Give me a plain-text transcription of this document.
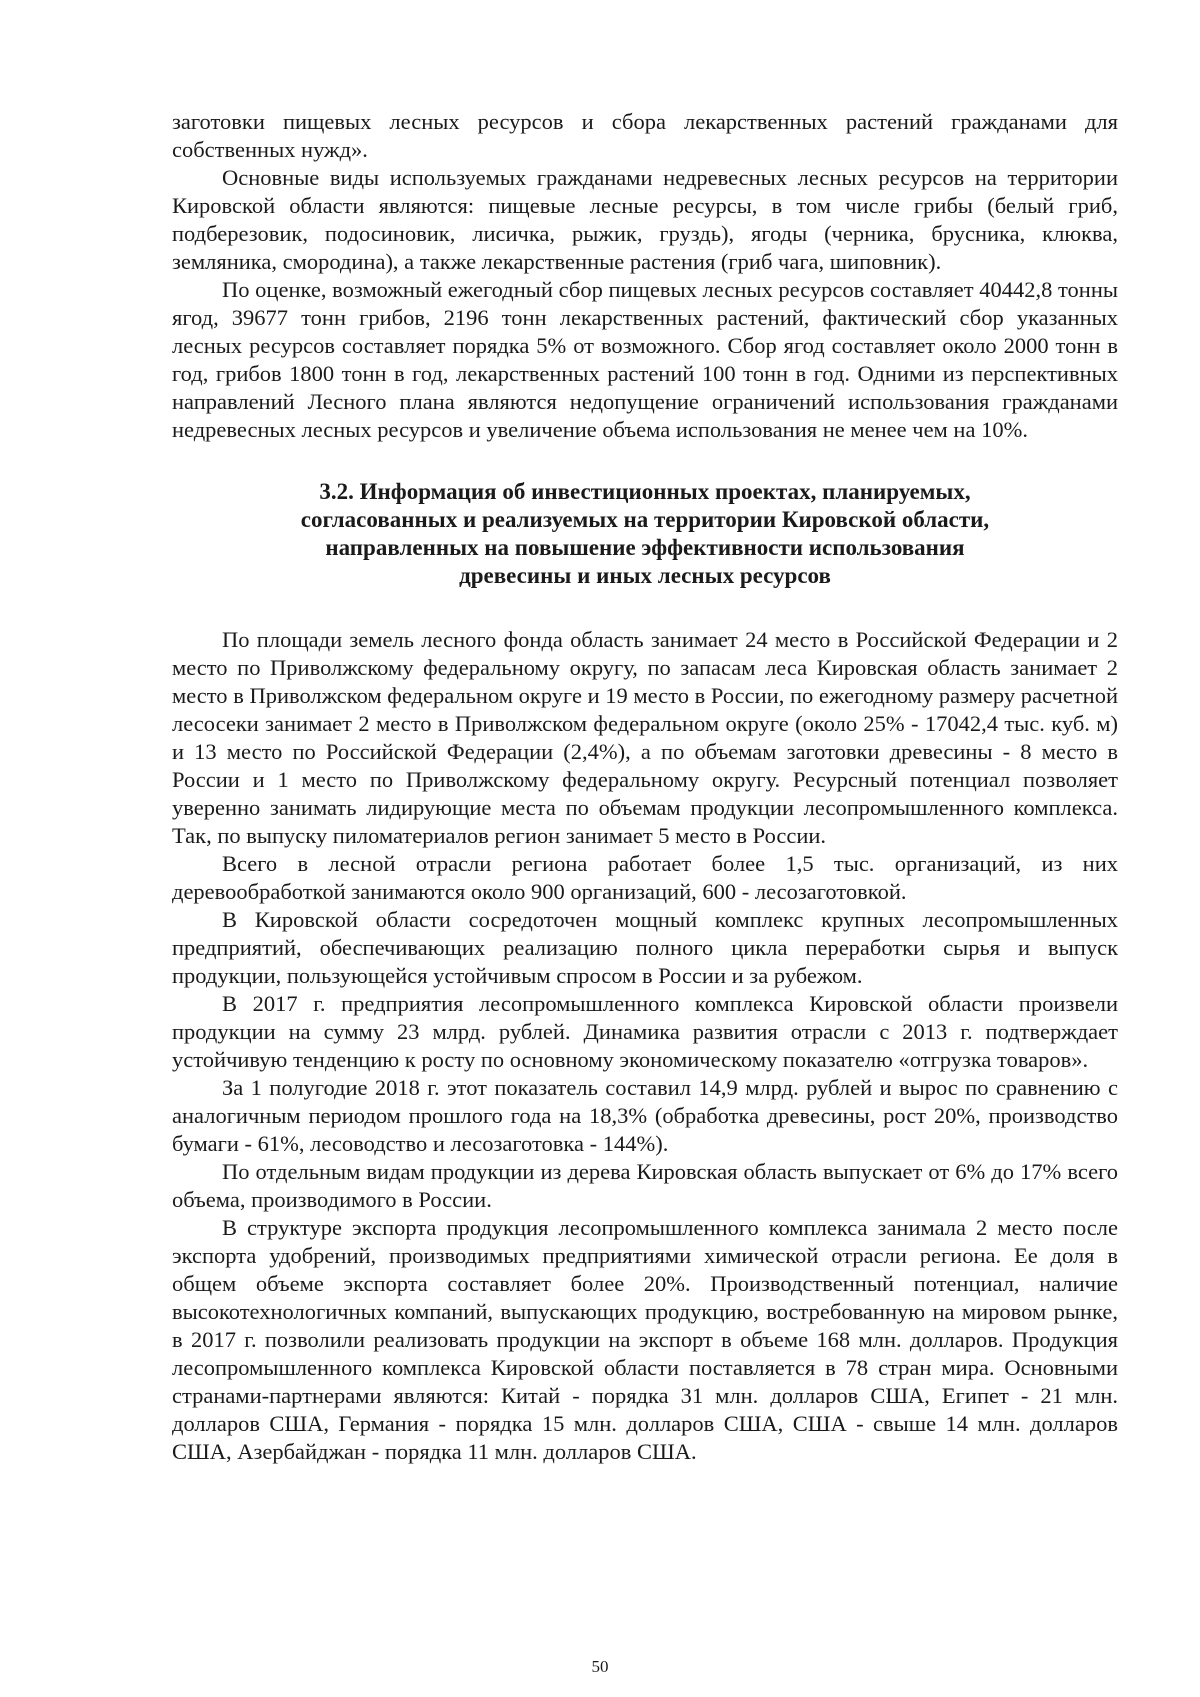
заготовки пищевых лесных ресурсов и сбора лекарственных растений гражданами для собственных нужд».

Основные виды используемых гражданами недревесных лесных ресурсов на территории Кировской области являются: пищевые лесные ресурсы, в том числе грибы (белый гриб, подберезовик, подосиновик, лисичка, рыжик, груздь), ягоды (черника, брусника, клюква, земляника, смородина), а также лекарственные растения (гриб чага, шиповник).

По оценке, возможный ежегодный сбор пищевых лесных ресурсов составляет 40442,8 тонны ягод, 39677 тонн грибов, 2196 тонн лекарственных растений, фактический сбор указанных лесных ресурсов составляет порядка 5% от возможного. Сбор ягод составляет около 2000 тонн в год, грибов 1800 тонн в год, лекарственных растений 100 тонн в год. Одними из перспективных направлений Лесного плана являются недопущение ограничений использования гражданами недревесных лесных ресурсов и увеличение объема использования не менее чем на 10%.

3.2. Информация об инвестиционных проектах, планируемых,
согласованных и реализуемых на территории Кировской области,
направленных на повышение эффективности использования
древесины и иных лесных ресурсов

По площади земель лесного фонда область занимает 24 место в Российской Федерации и 2 место по Приволжскому федеральному округу, по запасам леса Кировская область занимает 2 место в Приволжском федеральном округе и 19 место в России, по ежегодному размеру расчетной лесосеки занимает 2 место в Приволжском федеральном округе (около 25% - 17042,4 тыс. куб. м) и 13 место по Российской Федерации (2,4%), а по объемам заготовки древесины - 8 место в России и 1 место по Приволжскому федеральному округу. Ресурсный потенциал позволяет уверенно занимать лидирующие места по объемам продукции лесопромышленного комплекса. Так, по выпуску пиломатериалов регион занимает 5 место в России.

Всего в лесной отрасли региона работает более 1,5 тыс. организаций, из них деревообработкой занимаются около 900 организаций, 600 - лесозаготовкой.

В Кировской области сосредоточен мощный комплекс крупных лесопромышленных предприятий, обеспечивающих реализацию полного цикла переработки сырья и выпуск продукции, пользующейся устойчивым спросом в России и за рубежом.

В 2017 г. предприятия лесопромышленного комплекса Кировской области произвели продукции на сумму 23 млрд. рублей. Динамика развития отрасли с 2013 г. подтверждает устойчивую тенденцию к росту по основному экономическому показателю «отгрузка товаров».

За 1 полугодие 2018 г. этот показатель составил 14,9 млрд. рублей и вырос по сравнению с аналогичным периодом прошлого года на 18,3% (обработка древесины, рост 20%, производство бумаги - 61%, лесоводство и лесозаготовка - 144%).

По отдельным видам продукции из дерева Кировская область выпускает от 6% до 17% всего объема, производимого в России.

В структуре экспорта продукция лесопромышленного комплекса занимала 2 место после экспорта удобрений, производимых предприятиями химической отрасли региона. Ее доля в общем объеме экспорта составляет более 20%. Производственный потенциал, наличие высокотехнологичных компаний, выпускающих продукцию, востребованную на мировом рынке, в 2017 г. позволили реализовать продукции на экспорт в объеме 168 млн. долларов. Продукция лесопромышленного комплекса Кировской области поставляется в 78 стран мира. Основными странами-партнерами являются: Китай - порядка 31 млн. долларов США, Египет - 21 млн. долларов США, Германия - порядка 15 млн. долларов США, США - свыше 14 млн. долларов США, Азербайджан - порядка 11 млн. долларов США.

50
